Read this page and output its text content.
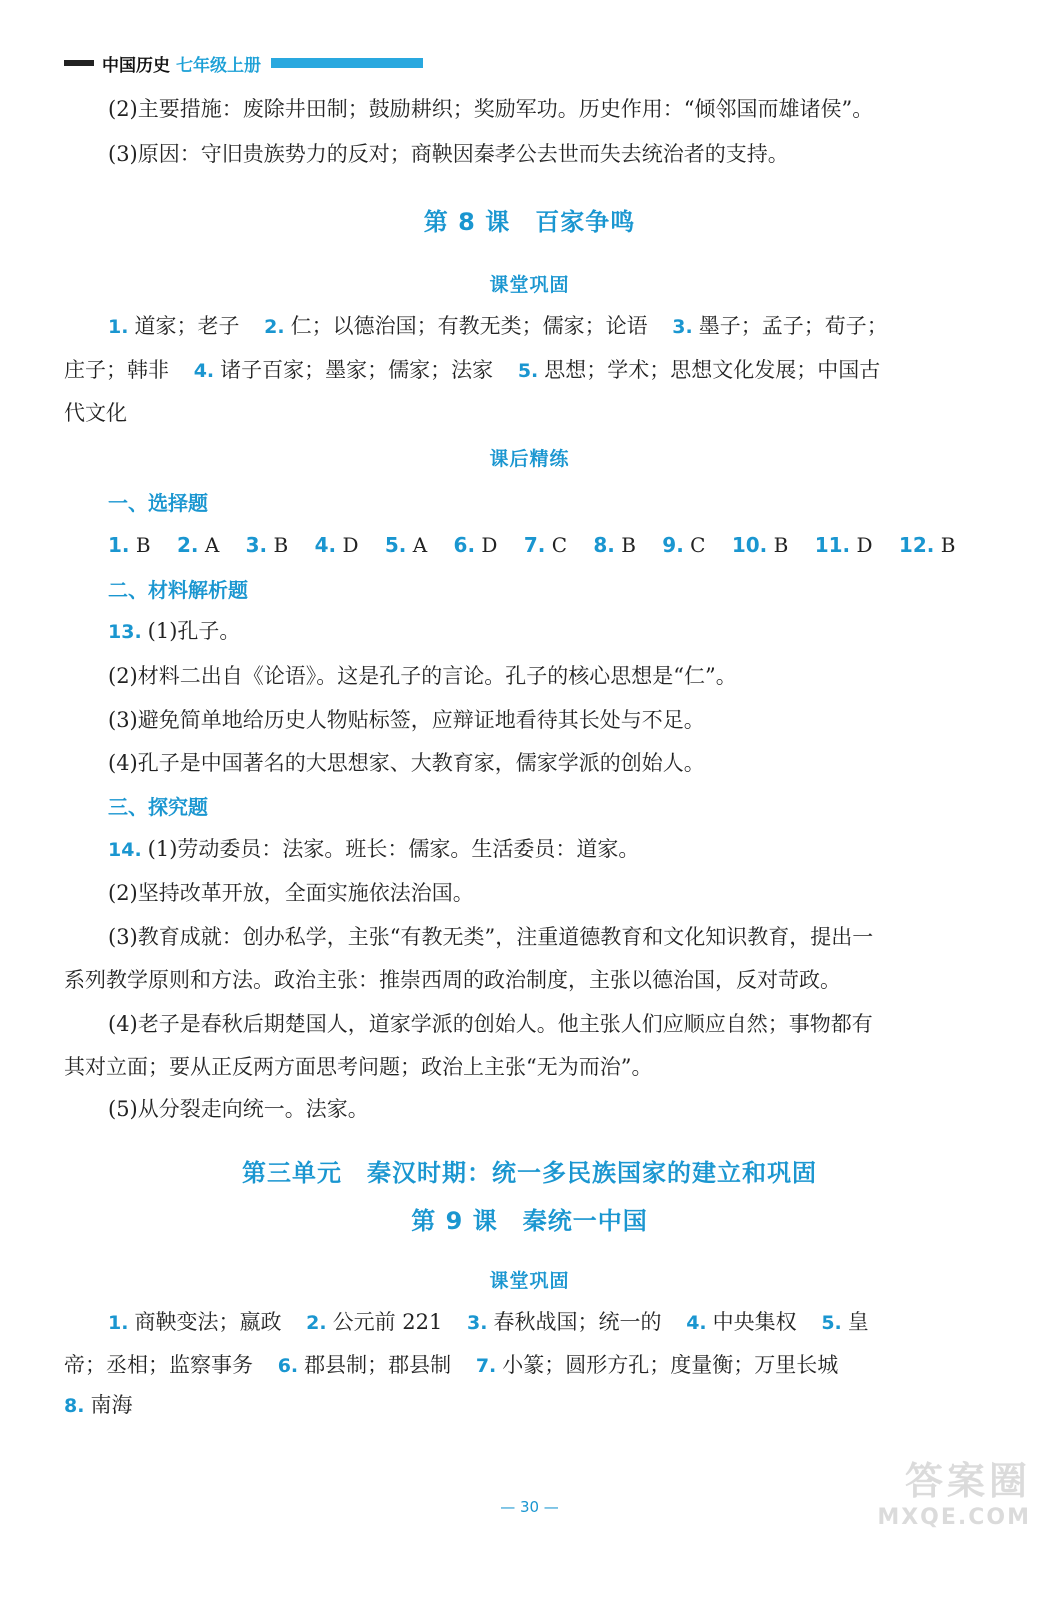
中国历史 七年级上册
(2)主要措施：废除井田制；鼓励耕织；奖励军功。历史作用：“倾邻国而雄诸侯”。
(3)原因：守旧贵族势力的反对；商鞅因秦孝公去世而失去统治者的支持。
第 8 课　百家争鸣
课堂巩固
1. 道家；老子 2. 仁；以德治国；有教无类；儒家；论语 3. 墨子；孟子；荀子；
庄子；韩非 4. 诸子百家；墨家；儒家；法家 5. 思想；学术；思想文化发展；中国古
代文化
课后精练
一、选择题
1. B 2. A 3. B 4. D 5. A 6. D 7. C 8. B 9. C 10. B 11. D 12. B
二、材料解析题
13. (1)孔子。
(2)材料二出自《论语》。这是孔子的言论。孔子的核心思想是“仁”。
(3)避免简单地给历史人物贴标签，应辩证地看待其长处与不足。
(4)孔子是中国著名的大思想家、大教育家，儒家学派的创始人。
三、探究题
14. (1)劳动委员：法家。班长：儒家。生活委员：道家。
(2)坚持改革开放，全面实施依法治国。
(3)教育成就：创办私学，主张“有教无类”，注重道德教育和文化知识教育，提出一
系列教学原则和方法。政治主张：推崇西周的政治制度，主张以德治国，反对苛政。
(4)老子是春秋后期楚国人，道家学派的创始人。他主张人们应顺应自然；事物都有
其对立面；要从正反两方面思考问题；政治上主张“无为而治”。
(5)从分裂走向统一。法家。
第三单元　秦汉时期：统一多民族国家的建立和巩固
第 9 课　秦统一中国
课堂巩固
1. 商鞅变法；嬴政 2. 公元前 221 3. 春秋战国；统一的 4. 中央集权 5. 皇
帝；丞相；监察事务 6. 郡县制；郡县制 7. 小篆；圆形方孔；度量衡；万里长城
8. 南海
— 30 —
答案圈
MXQE.COM
